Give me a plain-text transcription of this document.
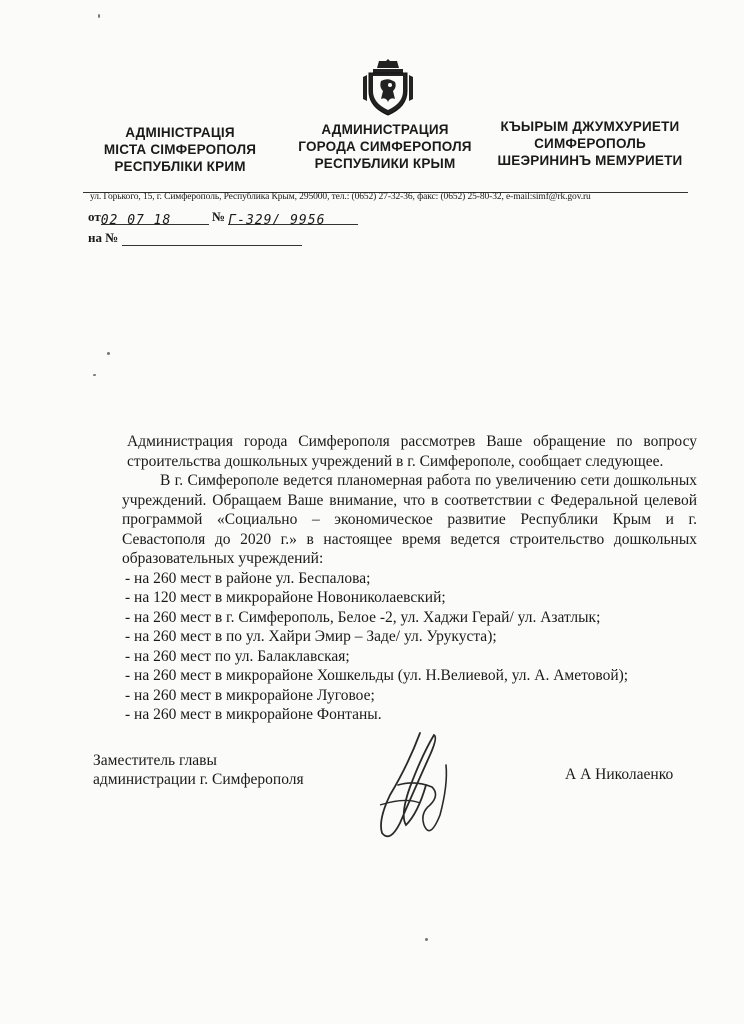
АДМІНІСТРАЦІЯ
МІСТА СІМФЕРОПОЛЯ
РЕСПУБЛІКИ КРИМ
АДМИНИСТРАЦИЯ
ГОРОДА СИМФЕРОПОЛЯ
РЕСПУБЛИКИ КРЫМ
КЪЫРЫМ ДЖУМХУРИЕТИ
СИМФЕРОПОЛЬ
ШЕЭРИНИНЪ МЕМУРИЕТИ
ул. Горького, 15, г. Симферополь, Республика Крым, 295000, тел.: (0652) 27-32-36, факс: (0652) 25-80-32, e-mail:simf@rk.gov.ru
от02 07 18	№ Г-329/ 9956
на №

Администрация города Симферополя рассмотрев Ваше обращение по вопросу строительства дошкольных учреждений в г. Симферополе, сообщает следующее.

В г. Симферополе ведется планомерная работа по увеличению сети дошкольных учреждений. Обращаем Ваше внимание, что в соответствии с Федеральной целевой программой «Социально – экономическое развитие Республики Крым и г. Севастополя до 2020 г.» в настоящее время ведется строительство дошкольных образовательных учреждений:

- на 260 мест в районе ул. Беспалова;
- на 120 мест в микрорайоне Новониколаевский;
- на 260 мест в г. Симферополь, Белое -2, ул. Хаджи Герай/ ул. Азатлык;
- на 260 мест в по ул. Хайри Эмир – Заде/ ул. Урукуста);
- на 260 мест по ул. Балаклавская;
- на 260 мест в микрорайоне Хошкельды (ул. Н.Велиевой, ул. А. Аметовой);
- на 260 мест в микрорайоне Луговое;
- на 260 мест в микрорайоне Фонтаны.
Заместитель главы
администрации г. Симферополя	А А Николаенко
